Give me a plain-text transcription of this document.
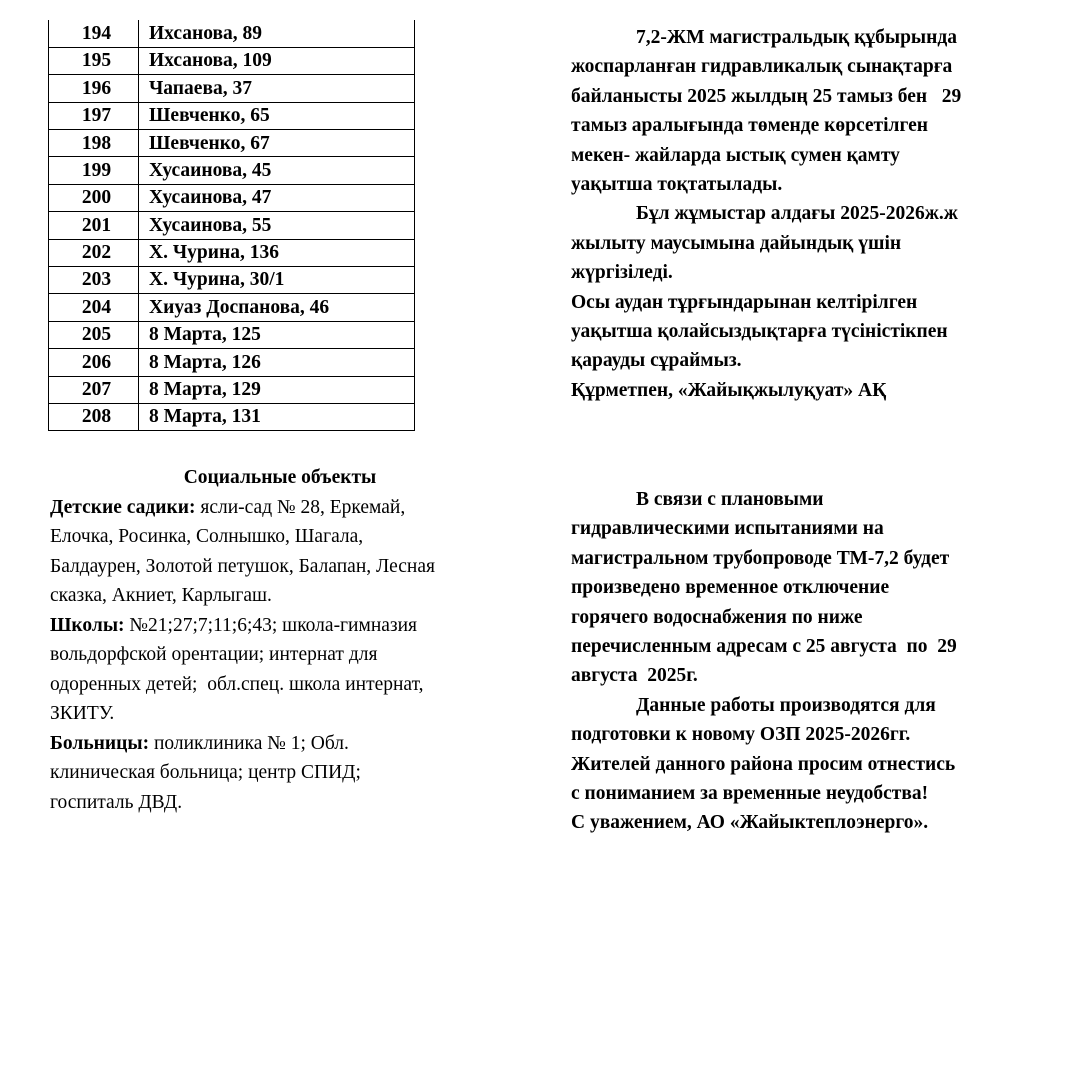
194	Ихсанова, 89
195	Ихсанова, 109
196	Чапаева, 37
197	Шевченко, 65
198	Шевченко, 67
199	Хусаинова, 45
200	Хусаинова, 47
201	Хусаинова, 55
202	Х. Чурина, 136
203	Х. Чурина, 30/1
204	Хиуаз Доспанова, 46
205	8 Марта, 125
206	8 Марта, 126
207	8 Марта, 129
208	8 Марта, 131

7,2-ЖМ магистральдық құбырында

жоспарланған гидравликалық сынақтарға

байланысты 2025 жылдың 25 тамыз бен   29

тамыз аралығында төменде көрсетілген

мекен- жайларда ыстық сумен қамту

уақытша тоқтатылады.

Бұл жұмыстар алдағы 2025-2026ж.ж

жылыту маусымына дайындық үшін

жүргізіледі.

Осы аудан тұрғындарынан келтірілген

уақытша қолайсыздықтарға түсіністікпен

қарауды сұраймыз.

Құрметпен, «Жайықжылуқуат» АҚ

В связи с плановыми

гидравлическими испытаниями на

магистральном трубопроводе ТМ-7,2 будет

произведено временное отключение

горячего водоснабжения по ниже

перечисленным адресам с 25 августа  по  29

августа  2025г.

Данные работы производятся для

подготовки к новому ОЗП 2025-2026гг.

Жителей данного района просим отнестись

с пониманием за временные неудобства!

С уважением, АО «Жайыктеплоэнерго».

Социальные объекты
Детские садики: ясли-сад № 28, Еркемай,
Елочка, Росинка, Солнышко, Шагала,
Балдаурен, Золотой петушок, Балапан, Лесная
сказка, Акниет, Карлыгаш.
Школы: №21;27;7;11;6;43; школа-гимназия
вольдорфской орентации; интернат для
одоренных детей;  обл.спец. школа интернат,
ЗКИТУ.
Больницы: поликлиника № 1; Обл.
клиническая больница; центр СПИД;
госпиталь ДВД.
